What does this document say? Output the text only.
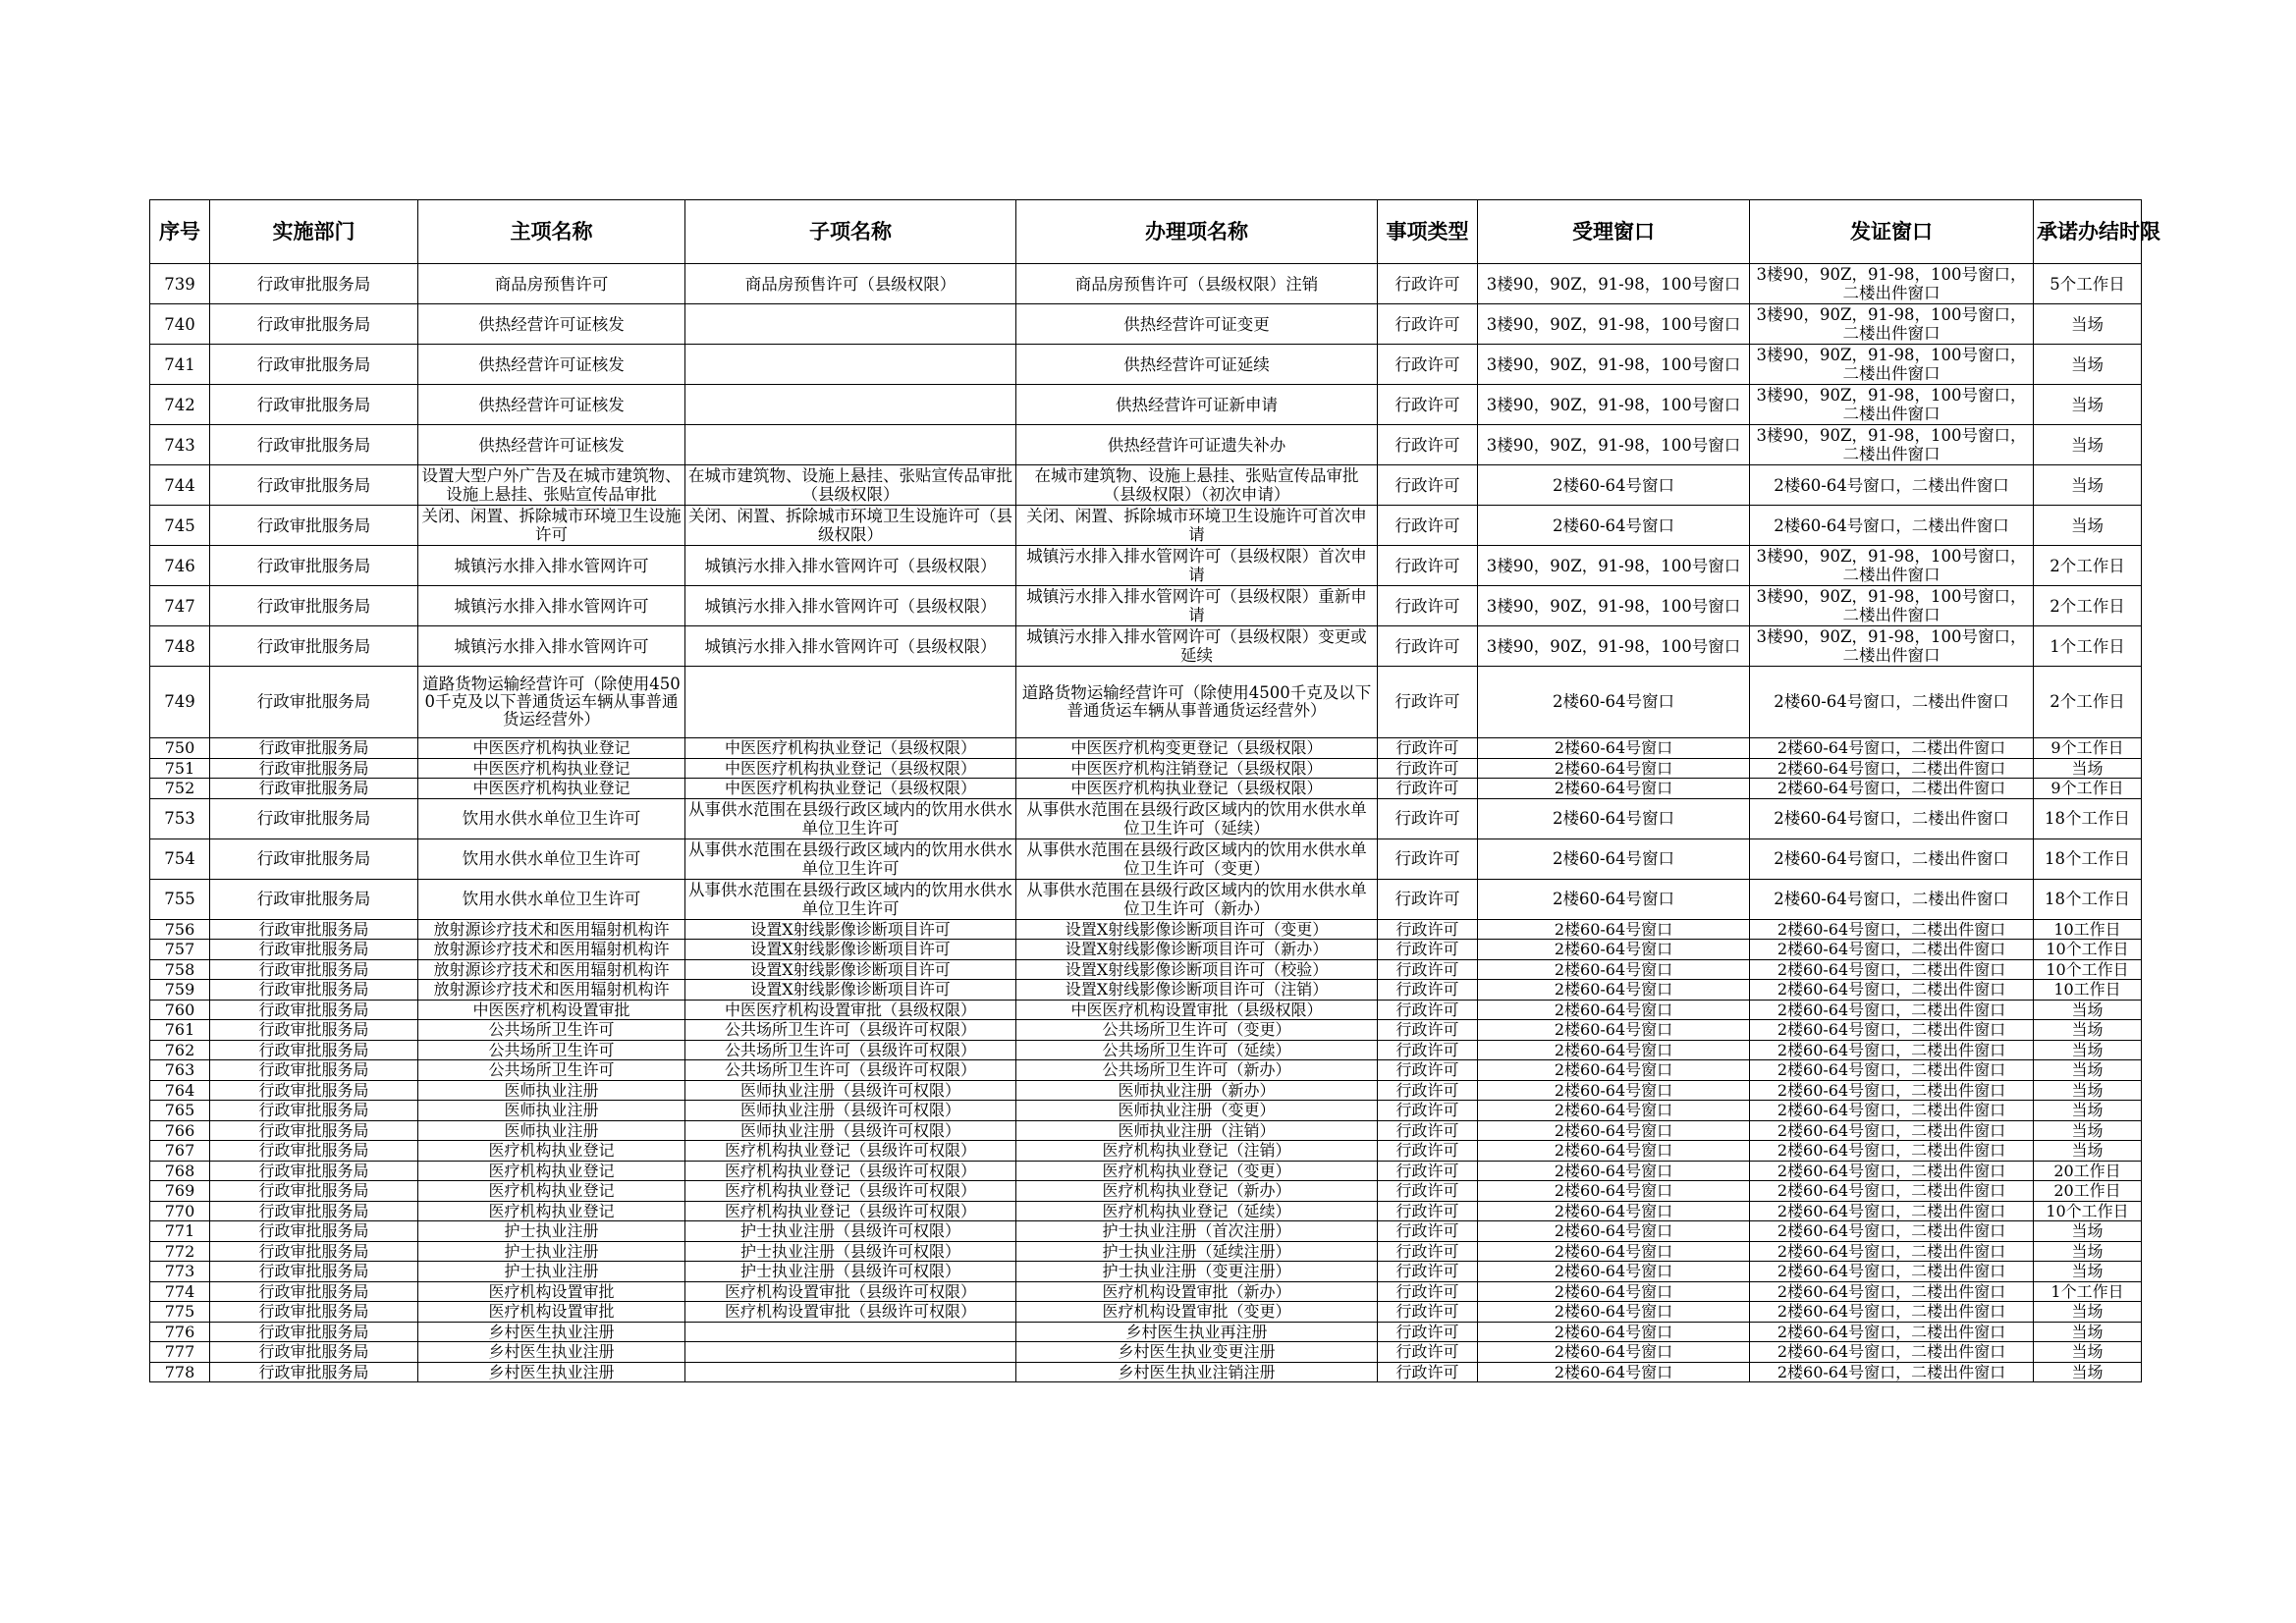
序号	实施部门	主项名称	子项名称	办理项名称	事项类型	受理窗口	发证窗口	承诺办结时限
739	行政审批服务局	商品房预售许可	商品房预售许可（县级权限）	商品房预售许可（县级权限）注销	行政许可	3楼90，90Z，91-98，100号窗口	3楼90，90Z，91-98，100号窗口，二楼出件窗口	5个工作日
740	行政审批服务局	供热经营许可证核发		供热经营许可证变更	行政许可	3楼90，90Z，91-98，100号窗口	3楼90，90Z，91-98，100号窗口，二楼出件窗口	当场
741	行政审批服务局	供热经营许可证核发		供热经营许可证延续	行政许可	3楼90，90Z，91-98，100号窗口	3楼90，90Z，91-98，100号窗口，二楼出件窗口	当场
742	行政审批服务局	供热经营许可证核发		供热经营许可证新申请	行政许可	3楼90，90Z，91-98，100号窗口	3楼90，90Z，91-98，100号窗口，二楼出件窗口	当场
743	行政审批服务局	供热经营许可证核发		供热经营许可证遗失补办	行政许可	3楼90，90Z，91-98，100号窗口	3楼90，90Z，91-98，100号窗口，二楼出件窗口	当场
744	行政审批服务局	设置大型户外广告及在城市建筑物、设施上悬挂、张贴宣传品审批	在城市建筑物、设施上悬挂、张贴宣传品审批（县级权限）	在城市建筑物、设施上悬挂、张贴宣传品审批（县级权限）（初次申请）	行政许可	2楼60-64号窗口	2楼60-64号窗口，二楼出件窗口	当场
745	行政审批服务局	关闭、闲置、拆除城市环境卫生设施许可	关闭、闲置、拆除城市环境卫生设施许可（县级权限）	关闭、闲置、拆除城市环境卫生设施许可首次申请	行政许可	2楼60-64号窗口	2楼60-64号窗口，二楼出件窗口	当场
746	行政审批服务局	城镇污水排入排水管网许可	城镇污水排入排水管网许可（县级权限）	城镇污水排入排水管网许可（县级权限）首次申请	行政许可	3楼90，90Z，91-98，100号窗口	3楼90，90Z，91-98，100号窗口，二楼出件窗口	2个工作日
747	行政审批服务局	城镇污水排入排水管网许可	城镇污水排入排水管网许可（县级权限）	城镇污水排入排水管网许可（县级权限）重新申请	行政许可	3楼90，90Z，91-98，100号窗口	3楼90，90Z，91-98，100号窗口，二楼出件窗口	2个工作日
748	行政审批服务局	城镇污水排入排水管网许可	城镇污水排入排水管网许可（县级权限）	城镇污水排入排水管网许可（县级权限）变更或延续	行政许可	3楼90，90Z，91-98，100号窗口	3楼90，90Z，91-98，100号窗口，二楼出件窗口	1个工作日
749	行政审批服务局	道路货物运输经营许可（除使用4500千克及以下普通货运车辆从事普通货运经营外）		道路货物运输经营许可（除使用4500千克及以下普通货运车辆从事普通货运经营外）	行政许可	2楼60-64号窗口	2楼60-64号窗口，二楼出件窗口	2个工作日
750	行政审批服务局	中医医疗机构执业登记	中医医疗机构执业登记（县级权限）	中医医疗机构变更登记（县级权限）	行政许可	2楼60-64号窗口	2楼60-64号窗口，二楼出件窗口	9个工作日
751	行政审批服务局	中医医疗机构执业登记	中医医疗机构执业登记（县级权限）	中医医疗机构注销登记（县级权限）	行政许可	2楼60-64号窗口	2楼60-64号窗口，二楼出件窗口	当场
752	行政审批服务局	中医医疗机构执业登记	中医医疗机构执业登记（县级权限）	中医医疗机构执业登记（县级权限）	行政许可	2楼60-64号窗口	2楼60-64号窗口，二楼出件窗口	9个工作日
753	行政审批服务局	饮用水供水单位卫生许可	从事供水范围在县级行政区域内的饮用水供水单位卫生许可	从事供水范围在县级行政区域内的饮用水供水单位卫生许可（延续）	行政许可	2楼60-64号窗口	2楼60-64号窗口，二楼出件窗口	18个工作日
754	行政审批服务局	饮用水供水单位卫生许可	从事供水范围在县级行政区域内的饮用水供水单位卫生许可	从事供水范围在县级行政区域内的饮用水供水单位卫生许可（变更）	行政许可	2楼60-64号窗口	2楼60-64号窗口，二楼出件窗口	18个工作日
755	行政审批服务局	饮用水供水单位卫生许可	从事供水范围在县级行政区域内的饮用水供水单位卫生许可	从事供水范围在县级行政区域内的饮用水供水单位卫生许可（新办）	行政许可	2楼60-64号窗口	2楼60-64号窗口，二楼出件窗口	18个工作日
756	行政审批服务局	放射源诊疗技术和医用辐射机构许	设置X射线影像诊断项目许可	设置X射线影像诊断项目许可（变更）	行政许可	2楼60-64号窗口	2楼60-64号窗口，二楼出件窗口	10工作日
757	行政审批服务局	放射源诊疗技术和医用辐射机构许	设置X射线影像诊断项目许可	设置X射线影像诊断项目许可（新办）	行政许可	2楼60-64号窗口	2楼60-64号窗口，二楼出件窗口	10个工作日
758	行政审批服务局	放射源诊疗技术和医用辐射机构许	设置X射线影像诊断项目许可	设置X射线影像诊断项目许可（校验）	行政许可	2楼60-64号窗口	2楼60-64号窗口，二楼出件窗口	10个工作日
759	行政审批服务局	放射源诊疗技术和医用辐射机构许	设置X射线影像诊断项目许可	设置X射线影像诊断项目许可（注销）	行政许可	2楼60-64号窗口	2楼60-64号窗口，二楼出件窗口	10工作日
760	行政审批服务局	中医医疗机构设置审批	中医医疗机构设置审批（县级权限）	中医医疗机构设置审批（县级权限）	行政许可	2楼60-64号窗口	2楼60-64号窗口，二楼出件窗口	当场
761	行政审批服务局	公共场所卫生许可	公共场所卫生许可（县级许可权限）	公共场所卫生许可（变更）	行政许可	2楼60-64号窗口	2楼60-64号窗口，二楼出件窗口	当场
762	行政审批服务局	公共场所卫生许可	公共场所卫生许可（县级许可权限）	公共场所卫生许可（延续）	行政许可	2楼60-64号窗口	2楼60-64号窗口，二楼出件窗口	当场
763	行政审批服务局	公共场所卫生许可	公共场所卫生许可（县级许可权限）	公共场所卫生许可（新办）	行政许可	2楼60-64号窗口	2楼60-64号窗口，二楼出件窗口	当场
764	行政审批服务局	医师执业注册	医师执业注册（县级许可权限）	医师执业注册（新办）	行政许可	2楼60-64号窗口	2楼60-64号窗口，二楼出件窗口	当场
765	行政审批服务局	医师执业注册	医师执业注册（县级许可权限）	医师执业注册（变更）	行政许可	2楼60-64号窗口	2楼60-64号窗口，二楼出件窗口	当场
766	行政审批服务局	医师执业注册	医师执业注册（县级许可权限）	医师执业注册（注销）	行政许可	2楼60-64号窗口	2楼60-64号窗口，二楼出件窗口	当场
767	行政审批服务局	医疗机构执业登记	医疗机构执业登记（县级许可权限）	医疗机构执业登记（注销）	行政许可	2楼60-64号窗口	2楼60-64号窗口，二楼出件窗口	当场
768	行政审批服务局	医疗机构执业登记	医疗机构执业登记（县级许可权限）	医疗机构执业登记（变更）	行政许可	2楼60-64号窗口	2楼60-64号窗口，二楼出件窗口	20工作日
769	行政审批服务局	医疗机构执业登记	医疗机构执业登记（县级许可权限）	医疗机构执业登记（新办）	行政许可	2楼60-64号窗口	2楼60-64号窗口，二楼出件窗口	20工作日
770	行政审批服务局	医疗机构执业登记	医疗机构执业登记（县级许可权限）	医疗机构执业登记（延续）	行政许可	2楼60-64号窗口	2楼60-64号窗口，二楼出件窗口	10个工作日
771	行政审批服务局	护士执业注册	护士执业注册（县级许可权限）	护士执业注册（首次注册）	行政许可	2楼60-64号窗口	2楼60-64号窗口，二楼出件窗口	当场
772	行政审批服务局	护士执业注册	护士执业注册（县级许可权限）	护士执业注册（延续注册）	行政许可	2楼60-64号窗口	2楼60-64号窗口，二楼出件窗口	当场
773	行政审批服务局	护士执业注册	护士执业注册（县级许可权限）	护士执业注册（变更注册）	行政许可	2楼60-64号窗口	2楼60-64号窗口，二楼出件窗口	当场
774	行政审批服务局	医疗机构设置审批	医疗机构设置审批（县级许可权限）	医疗机构设置审批（新办）	行政许可	2楼60-64号窗口	2楼60-64号窗口，二楼出件窗口	1个工作日
775	行政审批服务局	医疗机构设置审批	医疗机构设置审批（县级许可权限）	医疗机构设置审批（变更）	行政许可	2楼60-64号窗口	2楼60-64号窗口，二楼出件窗口	当场
776	行政审批服务局	乡村医生执业注册		乡村医生执业再注册	行政许可	2楼60-64号窗口	2楼60-64号窗口，二楼出件窗口	当场
777	行政审批服务局	乡村医生执业注册		乡村医生执业变更注册	行政许可	2楼60-64号窗口	2楼60-64号窗口，二楼出件窗口	当场
778	行政审批服务局	乡村医生执业注册		乡村医生执业注销注册	行政许可	2楼60-64号窗口	2楼60-64号窗口，二楼出件窗口	当场
